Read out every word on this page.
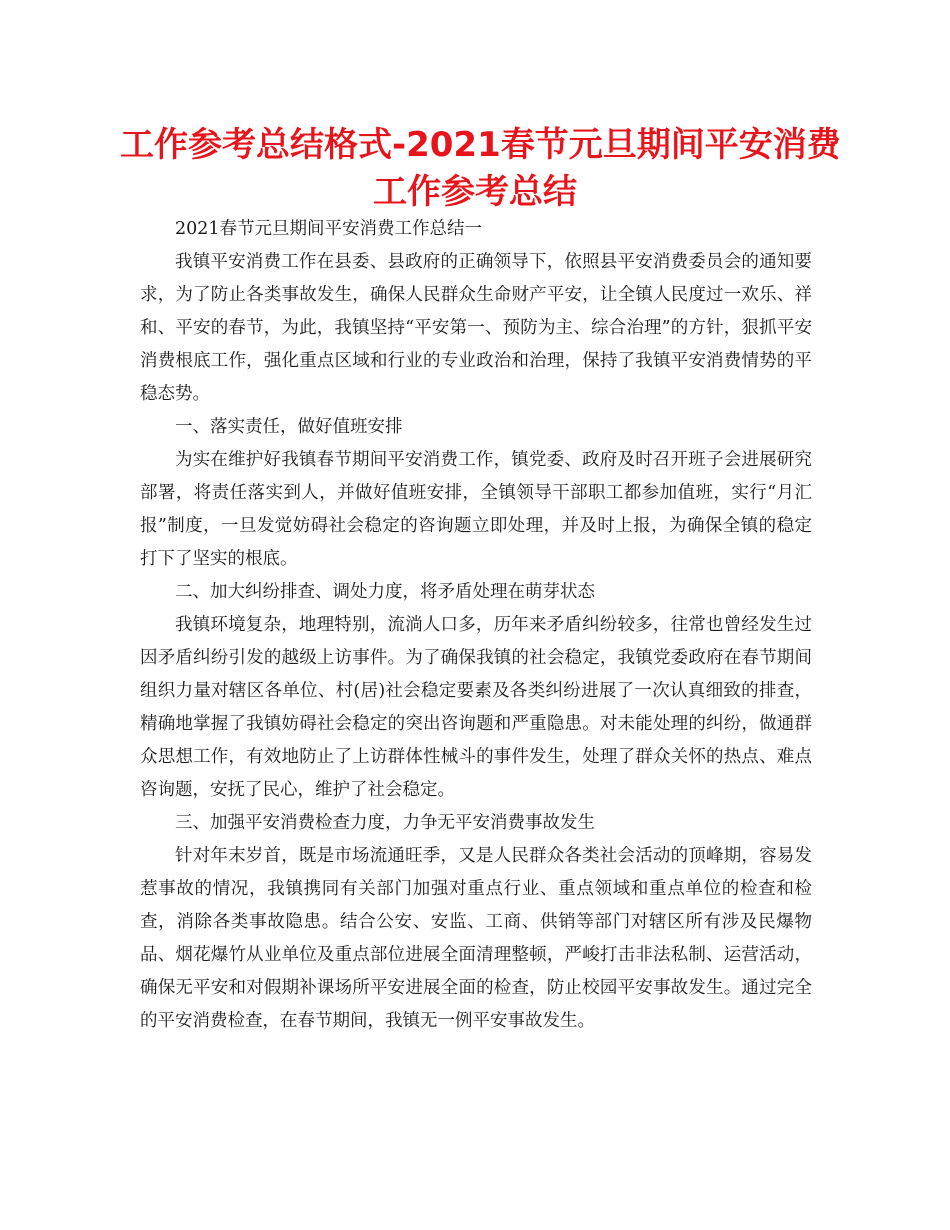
工作参考总结格式-2021春节元旦期间平安消费
工作参考总结

2021春节元旦期间平安消费工作总结一

我镇平安消费工作在县委、县政府的正确领导下，依照县平安消费委员会的通知要求，为了防止各类事故发生，确保人民群众生命财产平安，让全镇人民度过一欢乐、祥和、平安的春节，为此，我镇坚持“平安第一、预防为主、综合治理”的方针，狠抓平安消费根底工作，强化重点区域和行业的专业政治和治理，保持了我镇平安消费情势的平稳态势。

一、落实责任，做好值班安排

为实在维护好我镇春节期间平安消费工作，镇党委、政府及时召开班子会进展研究部署，将责任落实到人，并做好值班安排，全镇领导干部职工都参加值班，实行“月汇报”制度，一旦发觉妨碍社会稳定的咨询题立即处理，并及时上报，为确保全镇的稳定打下了坚实的根底。

二、加大纠纷排查、调处力度，将矛盾处理在萌芽状态

我镇环境复杂，地理特别，流淌人口多，历年来矛盾纠纷较多，往常也曾经发生过因矛盾纠纷引发的越级上访事件。为了确保我镇的社会稳定，我镇党委政府在春节期间组织力量对辖区各单位、村(居)社会稳定要素及各类纠纷进展了一次认真细致的排查，精确地掌握了我镇妨碍社会稳定的突出咨询题和严重隐患。对未能处理的纠纷，做通群众思想工作，有效地防止了上访群体性械斗的事件发生，处理了群众关怀的热点、难点咨询题，安抚了民心，维护了社会稳定。

三、加强平安消费检查力度，力争无平安消费事故发生

针对年末岁首，既是市场流通旺季，又是人民群众各类社会活动的顶峰期，容易发惹事故的情况，我镇携同有关部门加强对重点行业、重点领域和重点单位的检查和检查，消除各类事故隐患。结合公安、安监、工商、供销等部门对辖区所有涉及民爆物品、烟花爆竹从业单位及重点部位进展全面清理整顿，严峻打击非法私制、运营活动，确保无平安和对假期补课场所平安进展全面的检查，防止校园平安事故发生。通过完全的平安消费检查，在春节期间，我镇无一例平安事故发生。
